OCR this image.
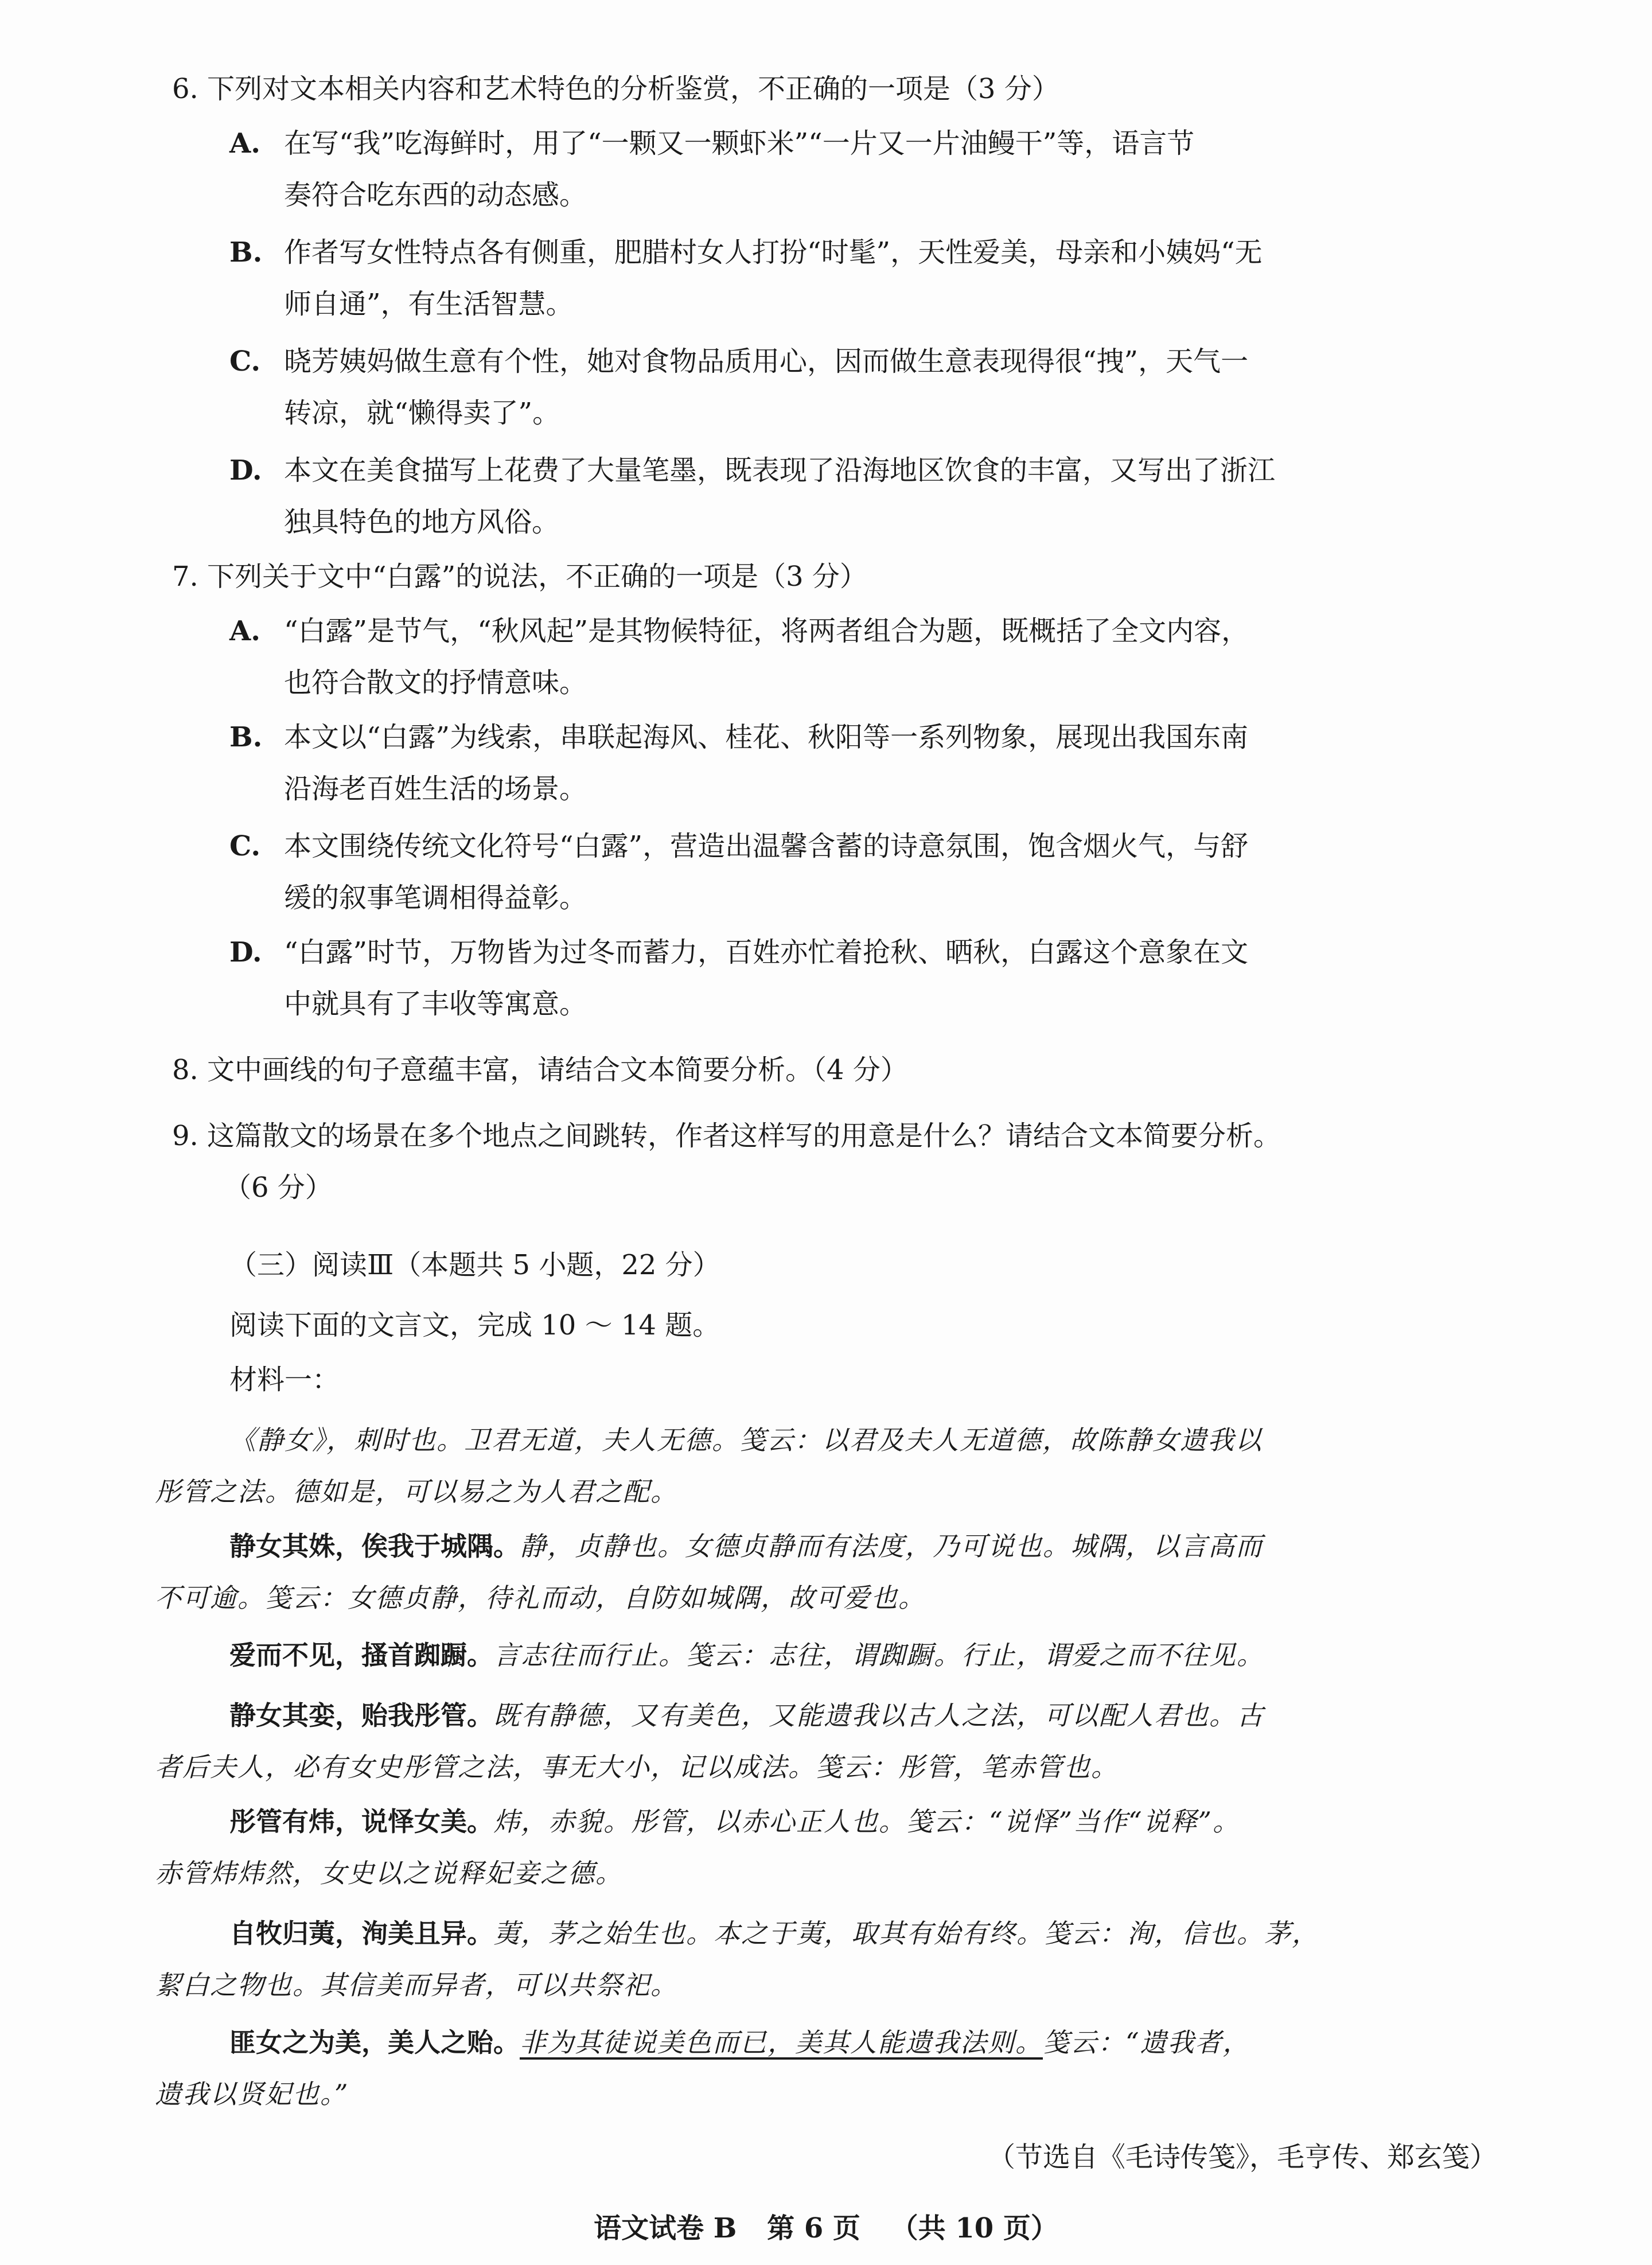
6. 下列对文本相关内容和艺术特色的分析鉴赏，不正确的一项是（3 分）
A. 在写“我”吃海鲜时，用了“一颗又一颗虾米”“一片又一片油鳗干”等，语言节
奏符合吃东西的动态感。
B. 作者写女性特点各有侧重，肥腊村女人打扮“时髦”，天性爱美，母亲和小姨妈“无
师自通”，有生活智慧。
C. 晓芳姨妈做生意有个性，她对食物品质用心，因而做生意表现得很“拽”，天气一
转凉，就“懒得卖了”。
D. 本文在美食描写上花费了大量笔墨，既表现了沿海地区饮食的丰富，又写出了浙江
独具特色的地方风俗。
7. 下列关于文中“白露”的说法，不正确的一项是（3 分）
A. “白露”是节气，“秋风起”是其物候特征，将两者组合为题，既概括了全文内容，
也符合散文的抒情意味。
B. 本文以“白露”为线索，串联起海风、桂花、秋阳等一系列物象，展现出我国东南
沿海老百姓生活的场景。
C. 本文围绕传统文化符号“白露”，营造出温馨含蓄的诗意氛围，饱含烟火气，与舒
缓的叙事笔调相得益彰。
D. “白露”时节，万物皆为过冬而蓄力，百姓亦忙着抢秋、晒秋，白露这个意象在文
中就具有了丰收等寓意。
8. 文中画线的句子意蕴丰富，请结合文本简要分析。（4 分）
9. 这篇散文的场景在多个地点之间跳转，作者这样写的用意是什么？请结合文本简要分析。
（6 分）
（三）阅读Ⅲ（本题共 5 小题，22 分）
阅读下面的文言文，完成 10 ～ 14 题。
材料一：
《静女》，刺时也。卫君无道，夫人无德。笺云：以君及夫人无道德，故陈静女遗我以
彤管之法。德如是，可以易之为人君之配。
静女其姝，俟我于城隅。静，贞静也。女德贞静而有法度，乃可说也。城隅，以言高而
不可逾。笺云：女德贞静，待礼而动，自防如城隅，故可爱也。
爱而不见，搔首踟蹰。言志往而行止。笺云：志往，谓踟蹰。行止，谓爱之而不往见。
静女其娈，贻我彤管。既有静德，又有美色，又能遗我以古人之法，可以配人君也。古
者后夫人，必有女史彤管之法，事无大小，记以成法。笺云：彤管，笔赤管也。
彤管有炜，说怿女美。炜，赤貌。彤管，以赤心正人也。笺云：“说怿”当作“说释”。
赤管炜炜然，女史以之说释妃妾之德。
自牧归荑，洵美且异。荑，茅之始生也。本之于荑，取其有始有终。笺云：洵，信也。茅，
絜白之物也。其信美而异者，可以共祭祀。
匪女之为美，美人之贻。非为其徒说美色而已，美其人能遗我法则。笺云：“遗我者，
遗我以贤妃也。”
（节选自《毛诗传笺》，毛亨传、郑玄笺）
语文试卷 B 第 6 页 （共 10 页）
